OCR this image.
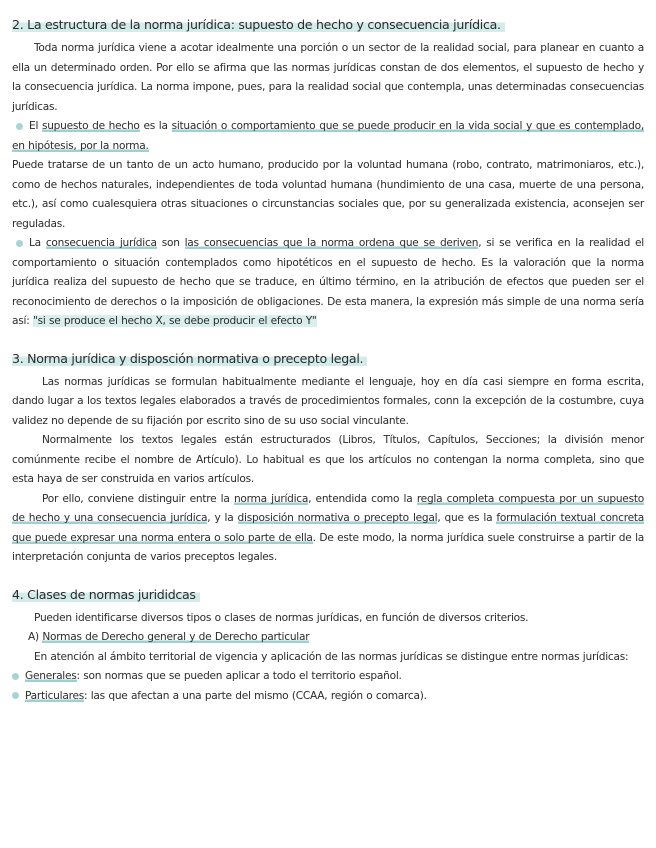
2. La estructura de la norma jurídica: supuesto de hecho y consecuencia jurídica.

Toda norma jurídica viene a acotar idealmente una porción o un sector de la realidad social, para planear en cuanto a ella un determinado orden. Por ello se afirma que las normas jurídicas constan de dos elementos, el supuesto de hecho y la consecuencia jurídica. La norma impone, pues, para la realidad social que contempla, unas determinadas consecuencias jurídicas.

El supuesto de hecho es la situación o comportamiento que se puede producir en la vida social y que es contemplado, en hipótesis, por la norma.

Puede tratarse de un tanto de un acto humano, producido por la voluntad humana (robo, contrato, matrimoniaros, etc.), como de hechos naturales, independientes de toda voluntad humana (hundimiento de una casa, muerte de una persona, etc.), así como cualesquiera otras situaciones o circunstancias sociales que, por su generalizada existencia, aconsejen ser reguladas.

La consecuencia jurídica son las consecuencias que la norma ordena que se deriven, si se verifica en la realidad el comportamiento o situación contemplados como hipotéticos en el supuesto de hecho. Es la valoración que la norma jurídica realiza del supuesto de hecho que se traduce, en último término, en la atribución de efectos que pueden ser el reconocimiento de derechos o la imposición de obligaciones. De esta manera, la expresión más simple de una norma sería así: "si se produce el hecho X, se debe producir el efecto Y"

3. Norma jurídica y disposción normativa o precepto legal.

Las normas jurídicas se formulan habitualmente mediante el lenguaje, hoy en día casi siempre en forma escrita, dando lugar a los textos legales elaborados a través de procedimientos formales, conn la excepción de la costumbre, cuya validez no depende de su fijación por escrito sino de su uso social vinculante.

Normalmente los textos legales están estructurados (Libros, Títulos, Capítulos, Secciones; la división menor comúnmente recibe el nombre de Artículo). Lo habitual es que los artículos no contengan la norma completa, sino que esta haya de ser construida en varios artículos.

Por ello, conviene distinguir entre la norma jurídica, entendida como la regla completa compuesta por un supuesto de hecho y una consecuencia jurídica, y la disposición normativa o precepto legal, que es la formulación textual concreta que puede expresar una norma entera o solo parte de ella. De este modo, la norma jurídica suele construirse a partir de la interpretación conjunta de varios preceptos legales.

4. Clases de normas jurididcas

Pueden identificarse diversos tipos o clases de normas jurídicas, en función de diversos criterios.

A) Normas de Derecho general y de Derecho particular

En atención al ámbito territorial de vigencia y aplicación de las normas jurídicas se distingue entre normas jurídicas:

Generales: son normas que se pueden aplicar a todo el territorio español.

Particulares: las que afectan a una parte del mismo (CCAA, región o comarca).
